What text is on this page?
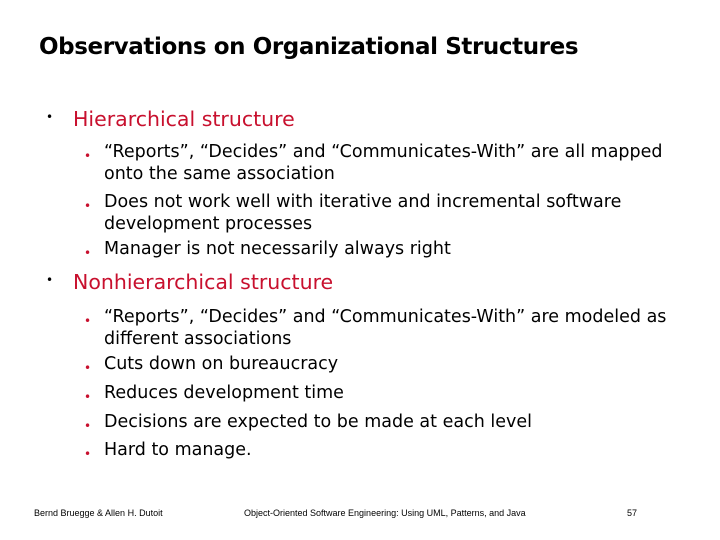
Observations on Organizational Structures
• Hierarchical structure
• “Reports”, “Decides” and “Communicates-With” are all mapped onto the same association
• Does not work well with iterative and incremental software development processes
• Manager is not necessarily always right
• Nonhierarchical structure
• “Reports”, “Decides” and “Communicates-With” are modeled as different associations
• Cuts down on bureaucracy
• Reduces development time
• Decisions are expected to be made at each level
• Hard to manage.
Bernd Bruegge & Allen H. Dutoit	Object-Oriented Software Engineering: Using UML, Patterns, and Java	57
